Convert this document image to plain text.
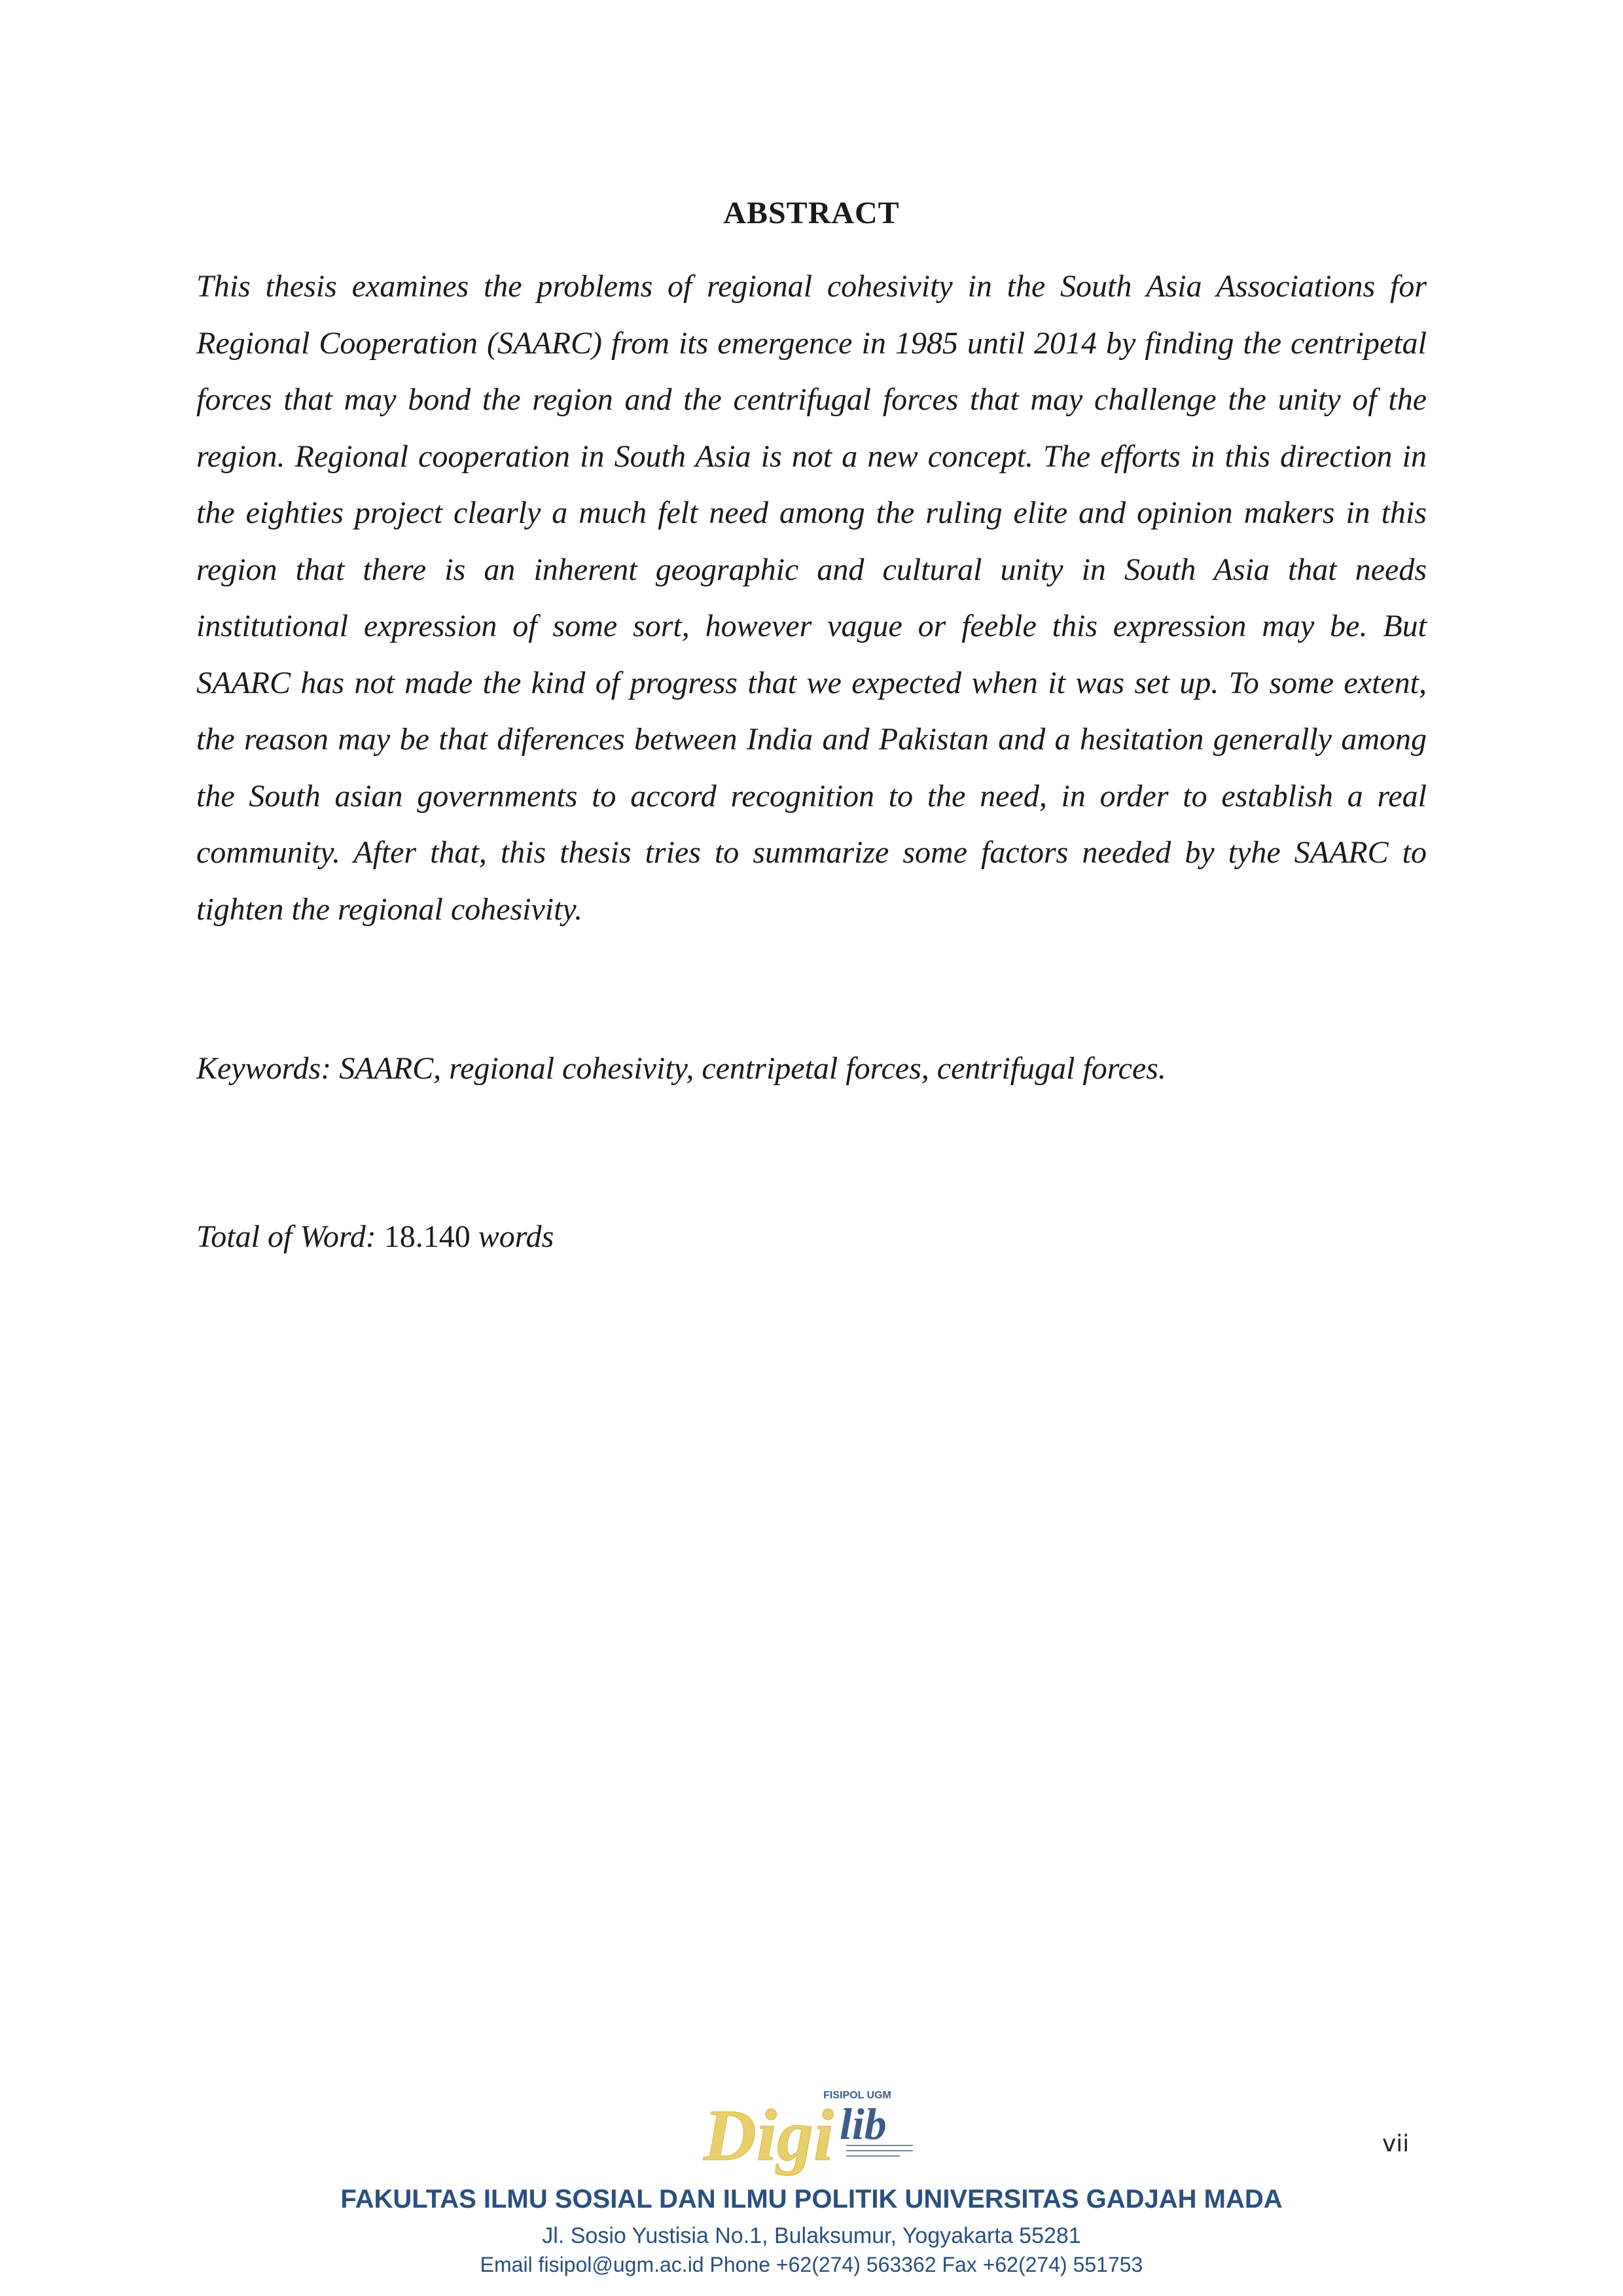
ABSTRACT

This thesis examines the problems of regional cohesivity in the South Asia Associations for Regional Cooperation (SAARC) from its emergence in 1985 until 2014 by finding the centripetal forces that may bond the region and the centrifugal forces that may challenge the unity of the region. Regional cooperation in South Asia is not a new concept. The efforts in this direction in the eighties project clearly a much felt need among the ruling elite and opinion makers in this region that there is an inherent geographic and cultural unity in South Asia that needs institutional expression of some sort, however vague or feeble this expression may be. But SAARC has not made the kind of progress that we expected when it was set up. To some extent, the reason may be that diferences between India and Pakistan and a hesitation generally among the South asian governments to accord recognition to the need, in order to establish a real community. After that, this thesis tries to summarize some factors needed by tyhe SAARC to tighten the regional cohesivity.

Keywords: SAARC, regional cohesivity, centripetal forces, centrifugal forces.

Total of Word: 18.140 words

FISIPOL UGM
Digi lib	vii
FAKULTAS ILMU SOSIAL DAN ILMU POLITIK UNIVERSITAS GADJAH MADA
Jl. Sosio Yustisia No.1, Bulaksumur, Yogyakarta 55281
Email fisipol@ugm.ac.id Phone +62(274) 563362 Fax +62(274) 551753
